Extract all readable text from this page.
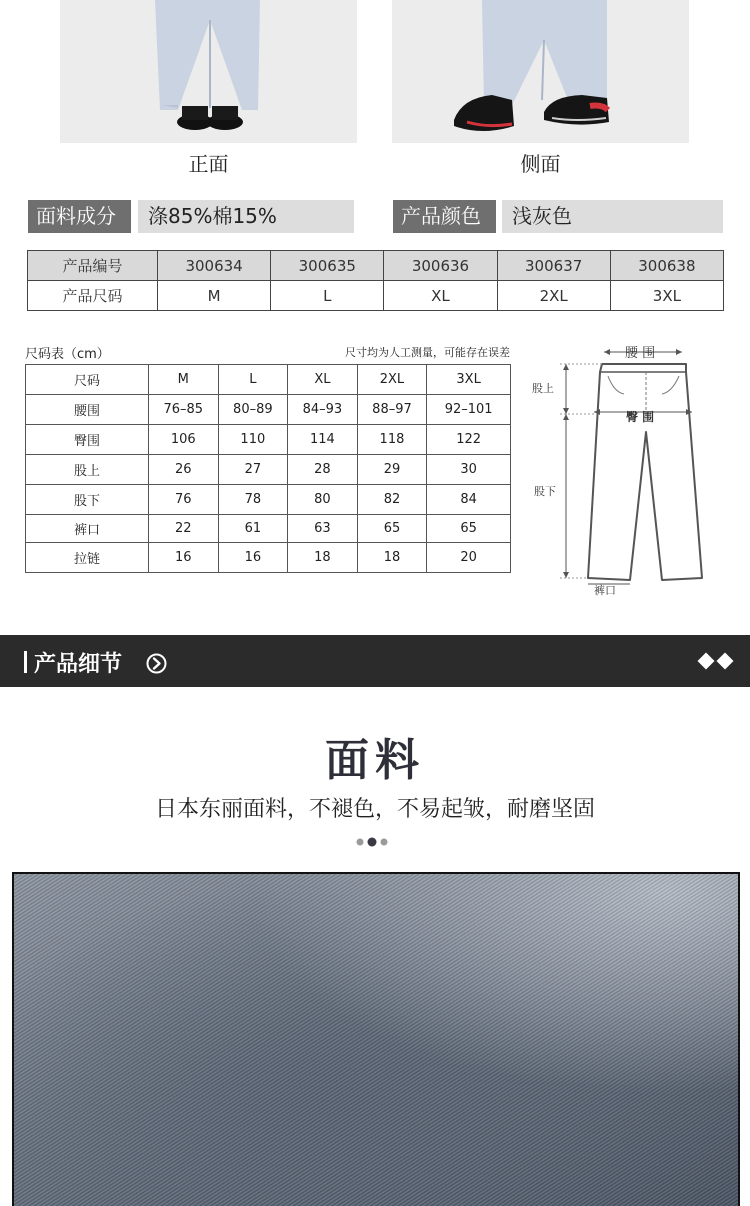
正面	侧面
面料成分	涤85%棉15%	产品颜色	浅灰色
产品编号	300634	300635	300636	300637	300638
产品尺码	M	L	XL	2XL	3XL
尺码表（cm）	尺寸均为人工测量，可能存在误差
尺码	M	L	XL	2XL	3XL
腰围	76–85	80–89	84–93	88–97	92–101
臀围	106	110	114	118	122
股上	26	27	28	29	30
股下	76	78	80	82	84
裤口	22	61	63	65	65
拉链	16	16	18	18	20
腰 围
臀 围
股上
股下
裤口
产品细节
面料
日本东丽面料，不褪色，不易起皱，耐磨坚固
